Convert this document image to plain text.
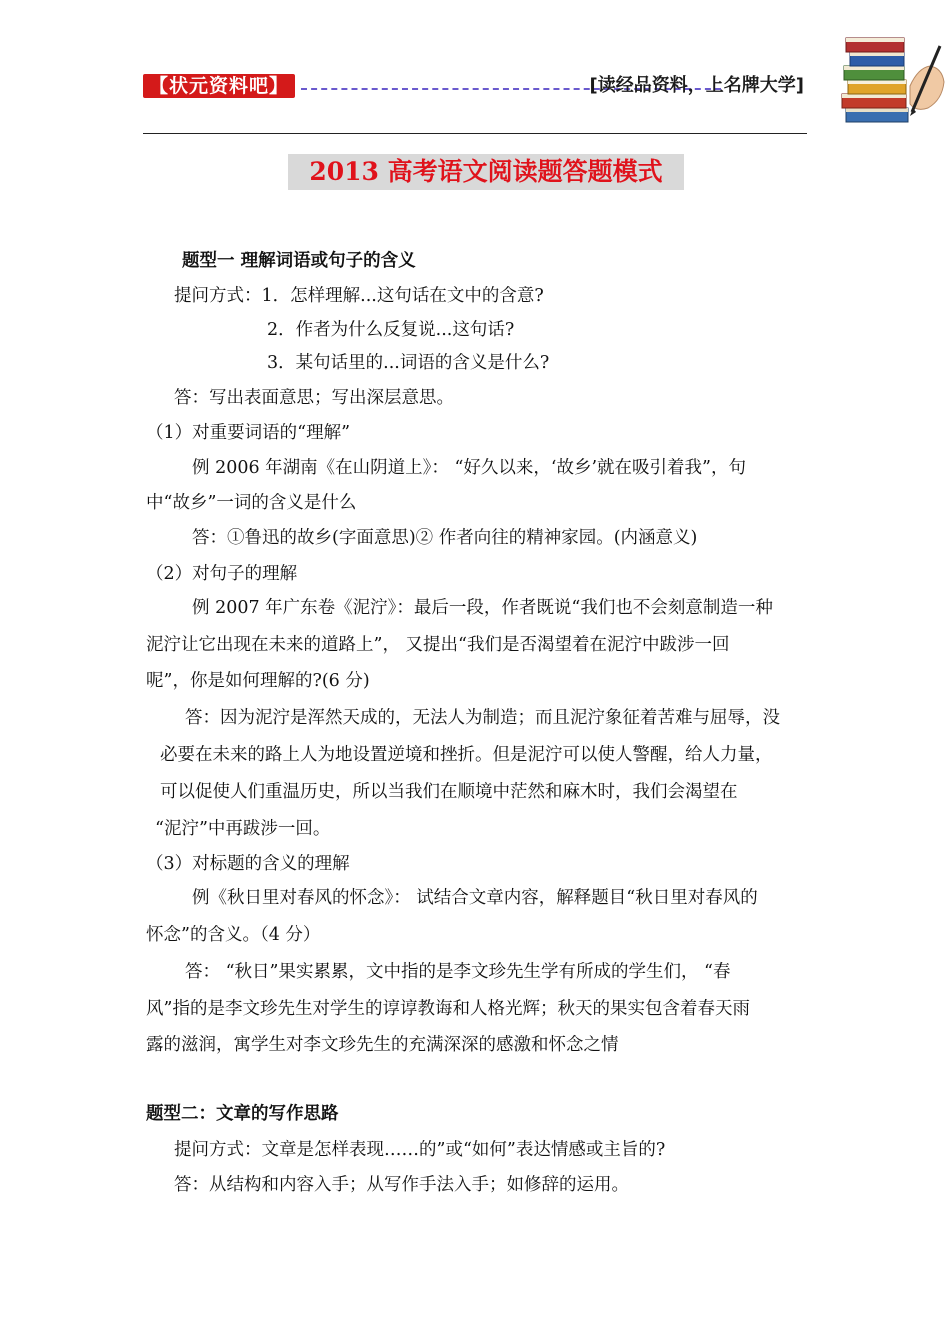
【状元资料吧】	[读经品资料，上名牌大学]
2013 高考语文阅读题答题模式
题型一 理解词语或句子的含义
提问方式：1．怎样理解...这句话在文中的含意?
2．作者为什么反复说...这句话?
3．某句话里的...词语的含义是什么?
答：写出表面意思；写出深层意思。
（1）对重要词语的“理解”
例 2006 年湖南《在山阴道上》： “好久以来，‘故乡’就在吸引着我”，句
中“故乡”一词的含义是什么
答：①鲁迅的故乡(字面意思)② 作者向往的精神家园。(内涵意义)
（2）对句子的理解
例 2007 年广东卷《泥泞》：最后一段，作者既说“我们也不会刻意制造一种
泥泞让它出现在未来的道路上”， 又提出“我们是否渴望着在泥泞中跋涉一回
呢”，你是如何理解的?(6 分)
答：因为泥泞是浑然天成的，无法人为制造；而且泥泞象征着苦难与屈辱，没
必要在未来的路上人为地设置逆境和挫折。但是泥泞可以使人警醒，给人力量，
可以促使人们重温历史，所以当我们在顺境中茫然和麻木时，我们会渴望在
“泥泞”中再跋涉一回。
（3）对标题的含义的理解
例《秋日里对春风的怀念》： 试结合文章内容，解释题目“秋日里对春风的
怀念”的含义。（4 分）
答： “秋日”果实累累，文中指的是李文珍先生学有所成的学生们， “春
风”指的是李文珍先生对学生的谆谆教诲和人格光辉；秋天的果实包含着春天雨
露的滋润，寓学生对李文珍先生的充满深深的感激和怀念之情
题型二：文章的写作思路
提问方式：文章是怎样表现……的”或“如何”表达情感或主旨的?
答：从结构和内容入手；从写作手法入手；如修辞的运用。
